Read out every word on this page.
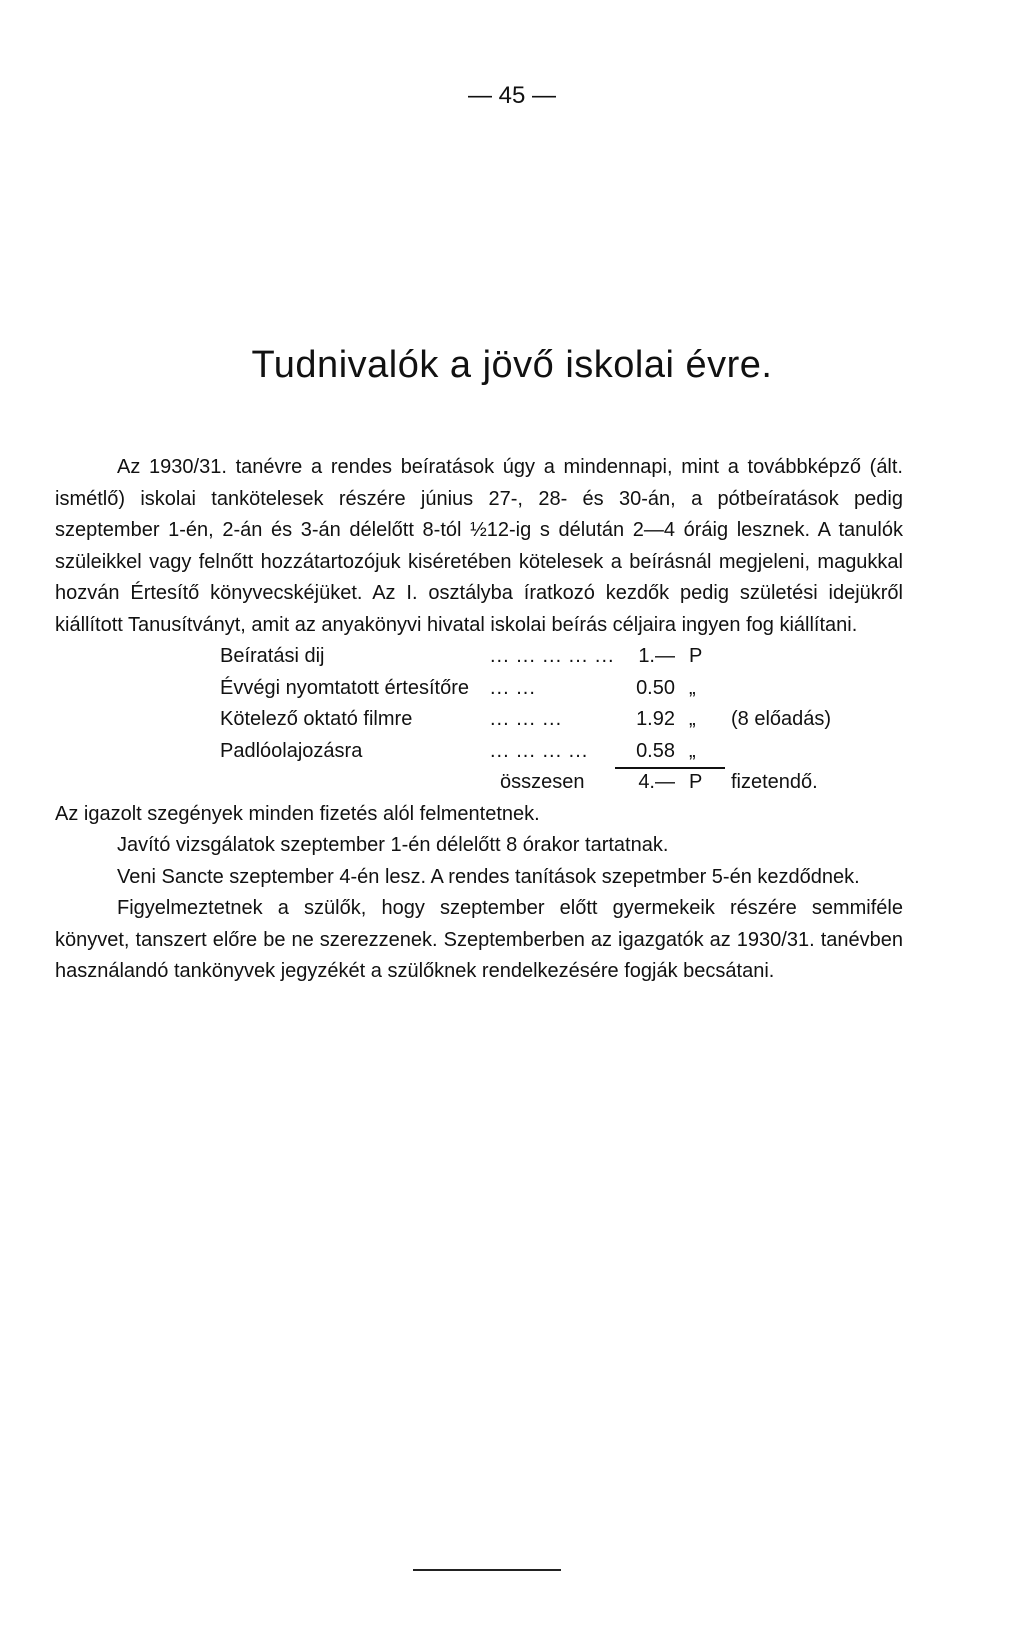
— 45 —
Tudnivalók a jövő iskolai évre.

Az 1930/31. tanévre a rendes beíratások úgy a mindennapi, mint a továbbképző (ált. ismétlő) iskolai tankötelesek részére június 27-, 28- és 30-án, a pótbeíratások pedig szeptember 1-én, 2-án és 3-án délelőtt 8-tól ½12-ig s délután 2—4 óráig lesznek. A tanulók szüleikkel vagy felnőtt hozzátartozójuk kiséretében kötelesek a beírásnál megjeleni, magukkal hozván Értesítő könyvecskéjüket. Az I. osztályba íratkozó kezdők pedig születési idejükről kiállított Tanusítványt, amit az anyakönyvi hivatal iskolai beírás céljaira ingyen fog kiállítani.

Beíratási dij	... ... ... ... ...	1.— P
Évvégi nyomtatott értesítőre	... ...	0.50 „
Kötelező oktató filmre	... ... ...	1.92 „	(8 előadás)
Padlóolajozásra	... ... ... ...	0.58 „
összesen	4.— P	fizetendő.

Az igazolt szegények minden fizetés alól felmentetnek.

Javító vizsgálatok szeptember 1-én délelőtt 8 órakor tartatnak.

Veni Sancte szeptember 4-én lesz. A rendes tanítások szepetmber 5-én kezdődnek.

Figyelmeztetnek a szülők, hogy szeptember előtt gyermekeik részére semmiféle könyvet, tanszert előre be ne szerezzenek. Szeptemberben az igazgatók az 1930/31. tanévben használandó tankönyvek jegyzékét a szülőknek rendelkezésére fogják becsátani.
